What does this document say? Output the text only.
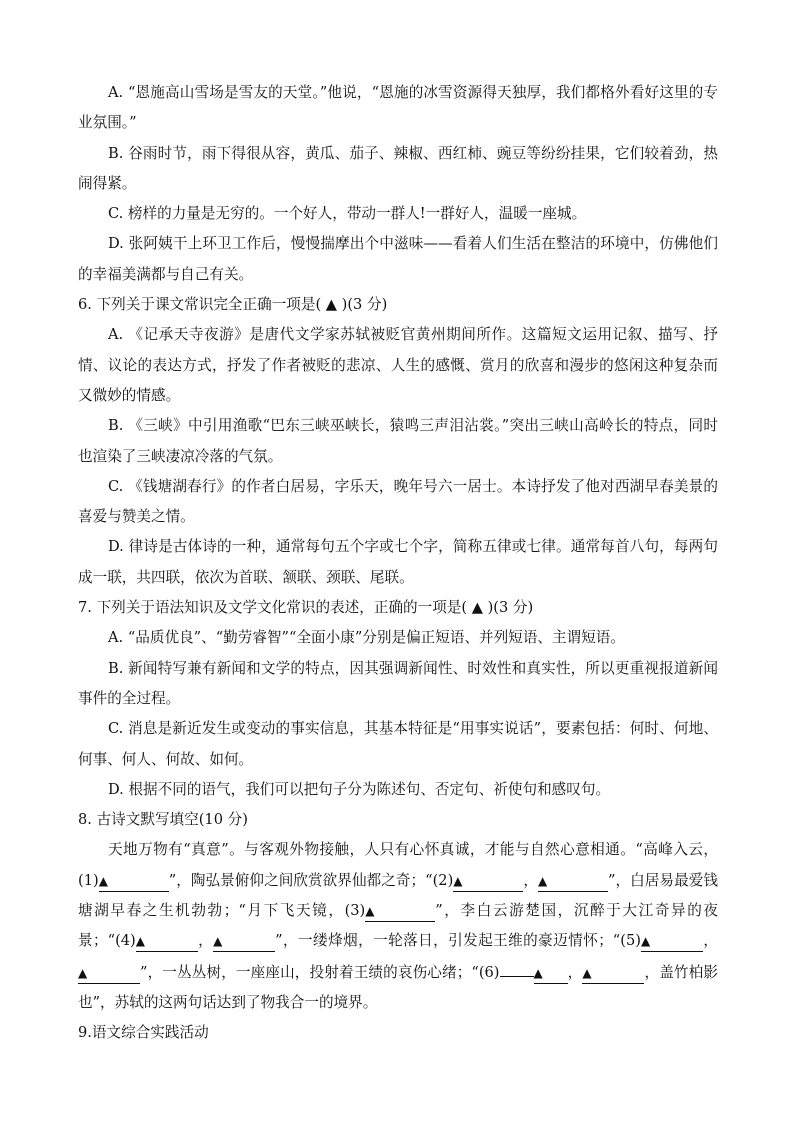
A. “恩施高山雪场是雪友的天堂。”他说，“恩施的冰雪资源得天独厚，我们都格外看好这里的专业氛围。”

B. 谷雨时节，雨下得很从容，黄瓜、茄子、辣椒、西红柿、豌豆等纷纷挂果，它们较着劲，热闹得紧。

C. 榜样的力量是无穷的。一个好人，带动一群人!一群好人，温暖一座城。

D. 张阿姨干上环卫工作后，慢慢揣摩出个中滋味——看着人们生活在整洁的环境中，仿佛他们的幸福美满都与自己有关。

6. 下列关于课文常识完全正确一项是( ▲ )(3 分)

A. 《记承天寺夜游》是唐代文学家苏轼被贬官黄州期间所作。这篇短文运用记叙、描写、抒情、议论的表达方式，抒发了作者被贬的悲凉、人生的感慨、赏月的欣喜和漫步的悠闲这种复杂而又微妙的情感。

B. 《三峡》中引用渔歌“巴东三峡巫峡长，猿鸣三声泪沾裳。”突出三峡山高岭长的特点，同时也渲染了三峡凄凉冷落的气氛。

C. 《钱塘湖春行》的作者白居易，字乐天，晚年号六一居士。本诗抒发了他对西湖早春美景的喜爱与赞美之情。

D. 律诗是古体诗的一种，通常每句五个字或七个字，简称五律或七律。通常每首八句，每两句成一联，共四联，依次为首联、颔联、颈联、尾联。

7. 下列关于语法知识及文学文化常识的表述，正确的一项是( ▲ )(3 分)

A. “品质优良”、“勤劳睿智”“全面小康”分别是偏正短语、并列短语、主谓短语。

B. 新闻特写兼有新闻和文学的特点，因其强调新闻性、时效性和真实性，所以更重视报道新闻事件的全过程。

C. 消息是新近发生或变动的事实信息，其基本特征是“用事实说话”，要素包括：何时、何地、何事、何人、何故、如何。

D. 根据不同的语气，我们可以把句子分为陈述句、否定句、祈使句和感叹句。

8. 古诗文默写填空(10 分)

天地万物有“真意”。与客观外物接触，人只有心怀真诚，才能与自然心意相通。“高峰入云，(1)▲	”，陶弘景俯仰之间欣赏欲界仙都之奇；“(2)▲	，▲	”，白居易最爱钱塘湖早春之生机勃勃；“月下飞天镜，(3)▲	”，李白云游楚国，沉醉于大江奇异的夜景；“(4)▲	，▲	”，一缕烽烟，一轮落日，引发起王维的豪迈情怀；“(5)▲	，▲	”，一丛丛树，一座座山，投射着王绩的哀伤心绪；“(6)	▲ ，▲	，盖竹柏影也”，苏轼的这两句话达到了物我合一的境界。

9.语文综合实践活动
